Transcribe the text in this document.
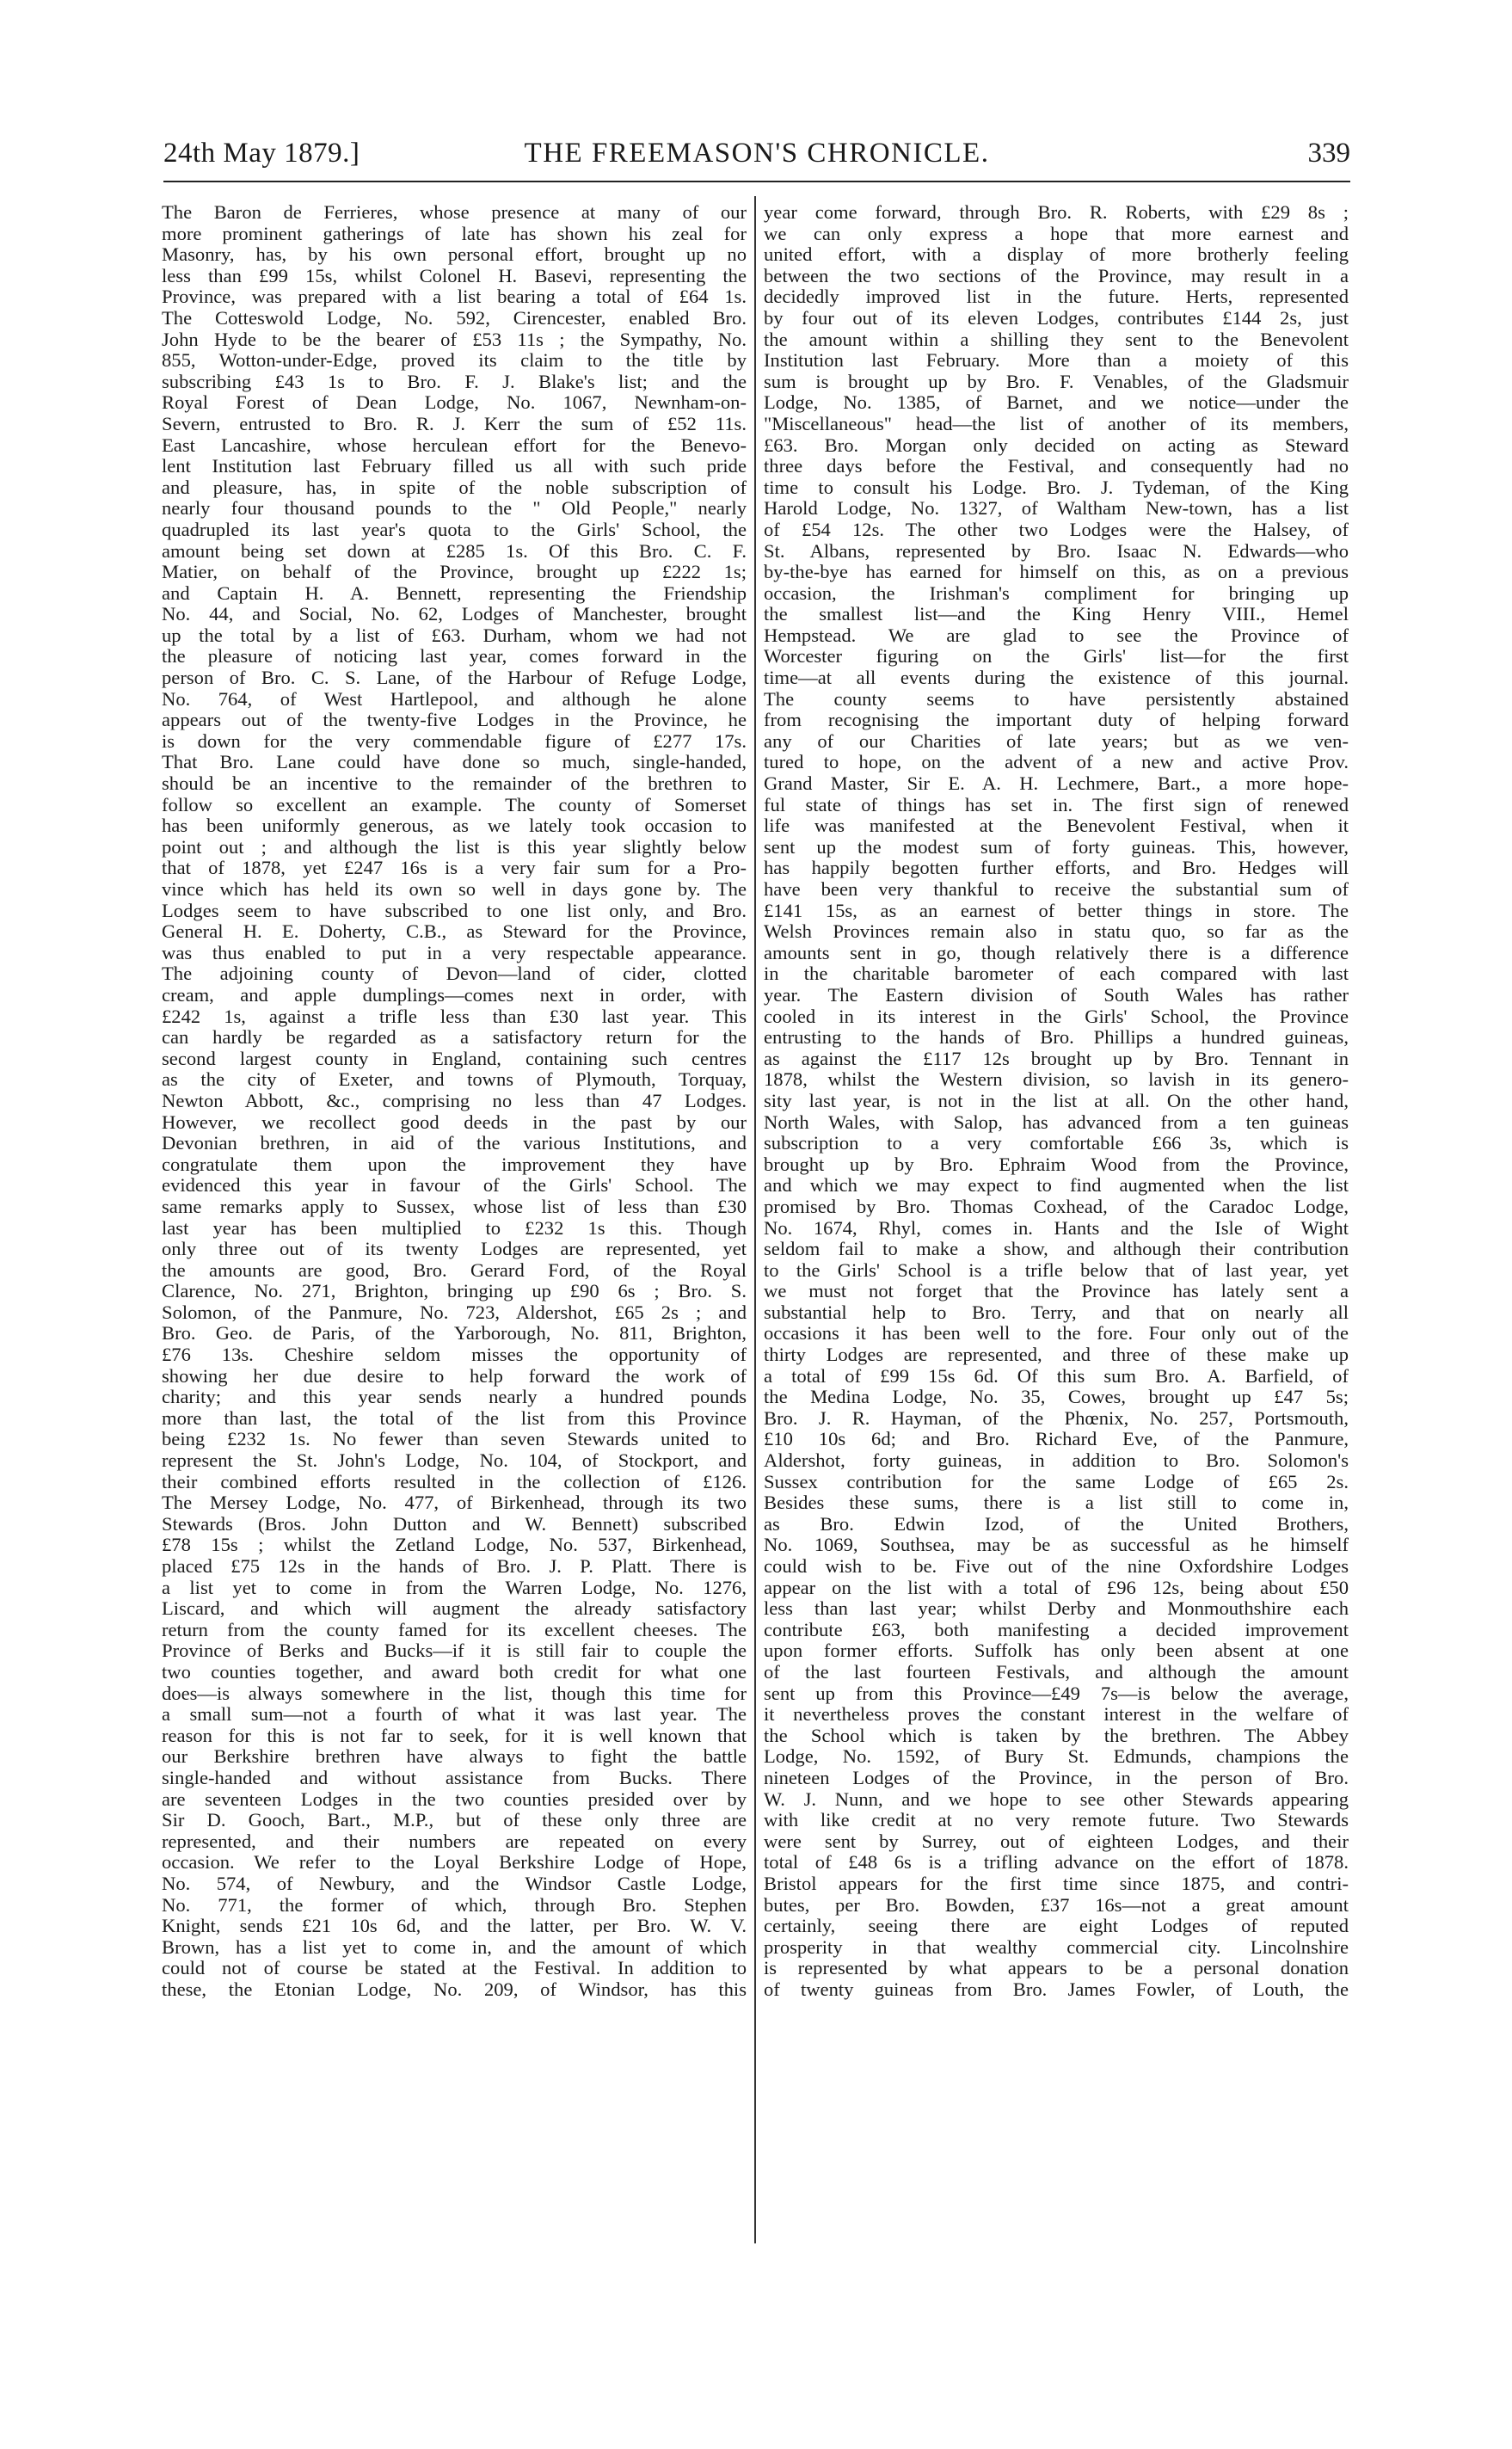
24th May 1879.]	THE FREEMASON'S CHRONICLE.	339
The Baron de Ferrieres, whose presence at many of our
more prominent gatherings of late has shown his zeal for
Masonry, has, by his own personal effort, brought up no
less than £99 15s, whilst Colonel H. Basevi, representing the
Province, was prepared with a list bearing a total of £64 1s.
The Cotteswold Lodge, No. 592, Cirencester, enabled Bro.
John Hyde to be the bearer of £53 11s ; the Sympathy, No.
855, Wotton-under-Edge, proved its claim to the title by
subscribing £43 1s to Bro. F. J. Blake's list; and the
Royal Forest of Dean Lodge, No. 1067, Newnham-on-
Severn, entrusted to Bro. R. J. Kerr the sum of £52 11s.
East Lancashire, whose herculean effort for the Benevo-
lent Institution last February filled us all with such pride
and pleasure, has, in spite of the noble subscription of
nearly four thousand pounds to the " Old People," nearly
quadrupled its last year's quota to the Girls' School, the
amount being set down at £285 1s. Of this Bro. C. F.
Matier, on behalf of the Province, brought up £222 1s;
and Captain H. A. Bennett, representing the Friendship
No. 44, and Social, No. 62, Lodges of Manchester, brought
up the total by a list of £63. Durham, whom we had not
the pleasure of noticing last year, comes forward in the
person of Bro. C. S. Lane, of the Harbour of Refuge Lodge,
No. 764, of West Hartlepool, and although he alone
appears out of the twenty-five Lodges in the Province, he
is down for the very commendable figure of £277 17s.
That Bro. Lane could have done so much, single-handed,
should be an incentive to the remainder of the brethren to
follow so excellent an example. The county of Somerset
has been uniformly generous, as we lately took occasion to
point out ; and although the list is this year slightly below
that of 1878, yet £247 16s is a very fair sum for a Pro-
vince which has held its own so well in days gone by. The
Lodges seem to have subscribed to one list only, and Bro.
General H. E. Doherty, C.B., as Steward for the Province,
was thus enabled to put in a very respectable appearance.
The adjoining county of Devon—land of cider, clotted
cream, and apple dumplings—comes next in order, with
£242 1s, against a trifle less than £30 last year. This
can hardly be regarded as a satisfactory return for the
second largest county in England, containing such centres
as the city of Exeter, and towns of Plymouth, Torquay,
Newton Abbott, &c., comprising no less than 47 Lodges.
However, we recollect good deeds in the past by our
Devonian brethren, in aid of the various Institutions, and
congratulate them upon the improvement they have
evidenced this year in favour of the Girls' School. The
same remarks apply to Sussex, whose list of less than £30
last year has been multiplied to £232 1s this. Though
only three out of its twenty Lodges are represented, yet
the amounts are good, Bro. Gerard Ford, of the Royal
Clarence, No. 271, Brighton, bringing up £90 6s ; Bro. S.
Solomon, of the Panmure, No. 723, Aldershot, £65 2s ; and
Bro. Geo. de Paris, of the Yarborough, No. 811, Brighton,
£76 13s. Cheshire seldom misses the opportunity of
showing her due desire to help forward the work of
charity; and this year sends nearly a hundred pounds
more than last, the total of the list from this Province
being £232 1s. No fewer than seven Stewards united to
represent the St. John's Lodge, No. 104, of Stockport, and
their combined efforts resulted in the collection of £126.
The Mersey Lodge, No. 477, of Birkenhead, through its two
Stewards (Bros. John Dutton and W. Bennett) subscribed
£78 15s ; whilst the Zetland Lodge, No. 537, Birkenhead,
placed £75 12s in the hands of Bro. J. P. Platt. There is
a list yet to come in from the Warren Lodge, No. 1276,
Liscard, and which will augment the already satisfactory
return from the county famed for its excellent cheeses. The
Province of Berks and Bucks—if it is still fair to couple the
two counties together, and award both credit for what one
does—is always somewhere in the list, though this time for
a small sum—not a fourth of what it was last year. The
reason for this is not far to seek, for it is well known that
our Berkshire brethren have always to fight the battle
single-handed and without assistance from Bucks. There
are seventeen Lodges in the two counties presided over by
Sir D. Gooch, Bart., M.P., but of these only three are
represented, and their numbers are repeated on every
occasion. We refer to the Loyal Berkshire Lodge of Hope,
No. 574, of Newbury, and the Windsor Castle Lodge,
No. 771, the former of which, through Bro. Stephen
Knight, sends £21 10s 6d, and the latter, per Bro. W. V.
Brown, has a list yet to come in, and the amount of which
could not of course be stated at the Festival. In addition to
these, the Etonian Lodge, No. 209, of Windsor, has this
year come forward, through Bro. R. Roberts, with £29 8s ;
we can only express a hope that more earnest and
united effort, with a display of more brotherly feeling
between the two sections of the Province, may result in a
decidedly improved list in the future. Herts, represented
by four out of its eleven Lodges, contributes £144 2s, just
the amount within a shilling they sent to the Benevolent
Institution last February. More than a moiety of this
sum is brought up by Bro. F. Venables, of the Gladsmuir
Lodge, No. 1385, of Barnet, and we notice—under the
"Miscellaneous" head—the list of another of its members,
£63. Bro. Morgan only decided on acting as Steward
three days before the Festival, and consequently had no
time to consult his Lodge. Bro. J. Tydeman, of the King
Harold Lodge, No. 1327, of Waltham New-town, has a list
of £54 12s. The other two Lodges were the Halsey, of
St. Albans, represented by Bro. Isaac N. Edwards—who
by-the-bye has earned for himself on this, as on a previous
occasion, the Irishman's compliment for bringing up
the smallest list—and the King Henry VIII., Hemel
Hempstead. We are glad to see the Province of
Worcester figuring on the Girls' list—for the first
time—at all events during the existence of this journal.
The county seems to have persistently abstained
from recognising the important duty of helping forward
any of our Charities of late years; but as we ven-
tured to hope, on the advent of a new and active Prov.
Grand Master, Sir E. A. H. Lechmere, Bart., a more hope-
ful state of things has set in. The first sign of renewed
life was manifested at the Benevolent Festival, when it
sent up the modest sum of forty guineas. This, however,
has happily begotten further efforts, and Bro. Hedges will
have been very thankful to receive the substantial sum of
£141 15s, as an earnest of better things in store. The
Welsh Provinces remain also in statu quo, so far as the
amounts sent in go, though relatively there is a difference
in the charitable barometer of each compared with last
year. The Eastern division of South Wales has rather
cooled in its interest in the Girls' School, the Province
entrusting to the hands of Bro. Phillips a hundred guineas,
as against the £117 12s brought up by Bro. Tennant in
1878, whilst the Western division, so lavish in its genero-
sity last year, is not in the list at all. On the other hand,
North Wales, with Salop, has advanced from a ten guineas
subscription to a very comfortable £66 3s, which is
brought up by Bro. Ephraim Wood from the Province,
and which we may expect to find augmented when the list
promised by Bro. Thomas Coxhead, of the Caradoc Lodge,
No. 1674, Rhyl, comes in. Hants and the Isle of Wight
seldom fail to make a show, and although their contribution
to the Girls' School is a trifle below that of last year, yet
we must not forget that the Province has lately sent a
substantial help to Bro. Terry, and that on nearly all
occasions it has been well to the fore. Four only out of the
thirty Lodges are represented, and three of these make up
a total of £99 15s 6d. Of this sum Bro. A. Barfield, of
the Medina Lodge, No. 35, Cowes, brought up £47 5s;
Bro. J. R. Hayman, of the Phœnix, No. 257, Portsmouth,
£10 10s 6d; and Bro. Richard Eve, of the Panmure,
Aldershot, forty guineas, in addition to Bro. Solomon's
Sussex contribution for the same Lodge of £65 2s.
Besides these sums, there is a list still to come in,
as Bro. Edwin Izod, of the United Brothers,
No. 1069, Southsea, may be as successful as he himself
could wish to be. Five out of the nine Oxfordshire Lodges
appear on the list with a total of £96 12s, being about £50
less than last year; whilst Derby and Monmouthshire each
contribute £63, both manifesting a decided improvement
upon former efforts. Suffolk has only been absent at one
of the last fourteen Festivals, and although the amount
sent up from this Province—£49 7s—is below the average,
it nevertheless proves the constant interest in the welfare of
the School which is taken by the brethren. The Abbey
Lodge, No. 1592, of Bury St. Edmunds, champions the
nineteen Lodges of the Province, in the person of Bro.
W. J. Nunn, and we hope to see other Stewards appearing
with like credit at no very remote future. Two Stewards
were sent by Surrey, out of eighteen Lodges, and their
total of £48 6s is a trifling advance on the effort of 1878.
Bristol appears for the first time since 1875, and contri-
butes, per Bro. Bowden, £37 16s—not a great amount
certainly, seeing there are eight Lodges of reputed
prosperity in that wealthy commercial city. Lincolnshire
is represented by what appears to be a personal donation
of twenty guineas from Bro. James Fowler, of Louth, the
